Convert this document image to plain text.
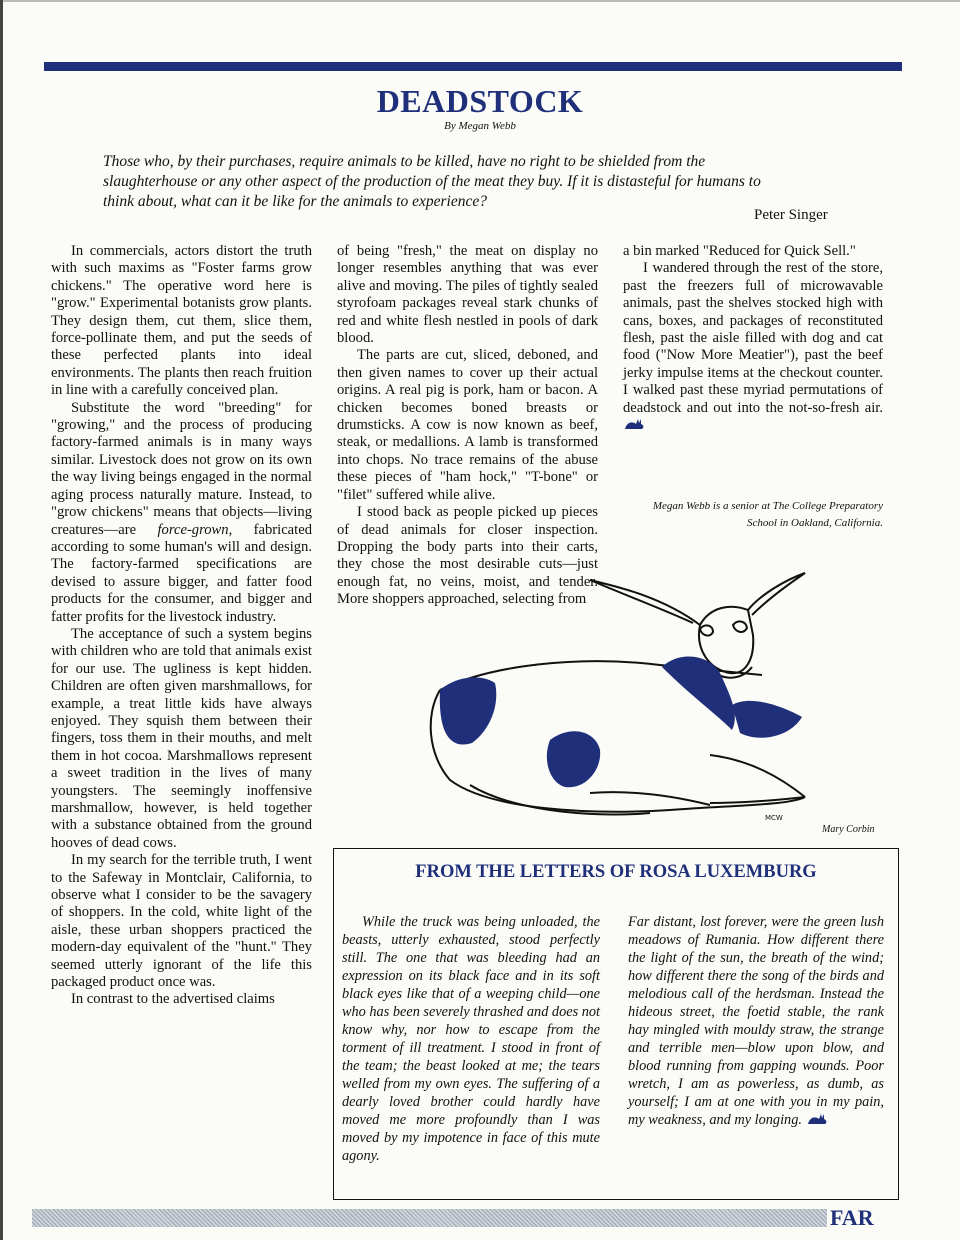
DEADSTOCK
By Megan Webb
Those who, by their purchases, require animals to be killed, have no right to be shielded from the slaughterhouse or any other aspect of the production of the meat they buy. If it is distasteful for humans to think about, what can it be like for the animals to experience?
Peter Singer

In commercials, actors distort the truth with such maxims as "Foster farms grow chickens." The operative word here is "grow." Experimental botanists grow plants. They design them, cut them, slice them, force-pollinate them, and put the seeds of these perfected plants into ideal environments. The plants then reach fruition in line with a carefully conceived plan.

Substitute the word "breeding" for "growing," and the process of producing factory-farmed animals is in many ways similar. Livestock does not grow on its own the way living beings engaged in the normal aging process naturally mature. Instead, to "grow chickens" means that objects—living creatures—are force-grown, fabricated according to some human's will and design. The factory-farmed specifications are devised to assure bigger, and fatter food products for the consumer, and bigger and fatter profits for the livestock industry.

The acceptance of such a system begins with children who are told that animals exist for our use. The ugliness is kept hidden. Children are often given marshmallows, for example, a treat little kids have always enjoyed. They squish them between their fingers, toss them in their mouths, and melt them in hot cocoa. Marshmallows represent a sweet tradition in the lives of many youngsters. The seemingly inoffensive marshmallow, however, is held together with a substance obtained from the ground hooves of dead cows.

In my search for the terrible truth, I went to the Safeway in Montclair, California, to observe what I consider to be the savagery of shoppers. In the cold, white light of the aisle, these urban shoppers practiced the modern-day equivalent of the "hunt." They seemed utterly ignorant of the life this packaged product once was.

In contrast to the advertised claims

of being "fresh," the meat on display no longer resembles anything that was ever alive and moving. The piles of tightly sealed styrofoam packages reveal stark chunks of red and white flesh nestled in pools of dark blood.

The parts are cut, sliced, deboned, and then given names to cover up their actual origins. A real pig is pork, ham or bacon. A chicken becomes boned breasts or drumsticks. A cow is now known as beef, steak, or medallions. A lamb is transformed into chops. No trace remains of the abuse these pieces of "ham hock," "T-bone" or "filet" suffered while alive.

I stood back as people picked up pieces of dead animals for closer inspection. Dropping the body parts into their carts, they chose the most desirable cuts—just enough fat, no veins, moist, and tender. More shoppers approached, selecting from

a bin marked "Reduced for Quick Sell."

I wandered through the rest of the store, past the freezers full of microwavable animals, past the shelves stocked high with cans, boxes, and packages of reconstituted flesh, past the aisle filled with dog and cat food ("Now More Meatier"), past the beef jerky impulse items at the checkout counter. I walked past these myriad permutations of deadstock and out into the not-so-fresh air.

Megan Webb is a senior at The College Preparatory School in Oakland, California.
MCW
Mary Corbin
FROM THE LETTERS OF ROSA LUXEMBURG

While the truck was being unloaded, the beasts, utterly exhausted, stood perfectly still. The one that was bleeding had an expression on its black face and in its soft black eyes like that of a weeping child—one who has been severely thrashed and does not know why, nor how to escape from the torment of ill treatment. I stood in front of the team; the beast looked at me; the tears welled from my own eyes. The suffering of a dearly loved brother could hardly have moved me more profoundly than I was moved by my impotence in face of this mute agony.

Far distant, lost forever, were the green lush meadows of Rumania. How different there the light of the sun, the breath of the wind; how different there the song of the birds and melodious call of the herdsman. Instead the hideous street, the foetid stable, the rank hay mingled with mouldy straw, the strange and terrible men—blow upon blow, and blood running from gapping wounds. Poor wretch, I am as powerless, as dumb, as yourself; I am at one with you in my pain, my weakness, and my longing.

FAR
